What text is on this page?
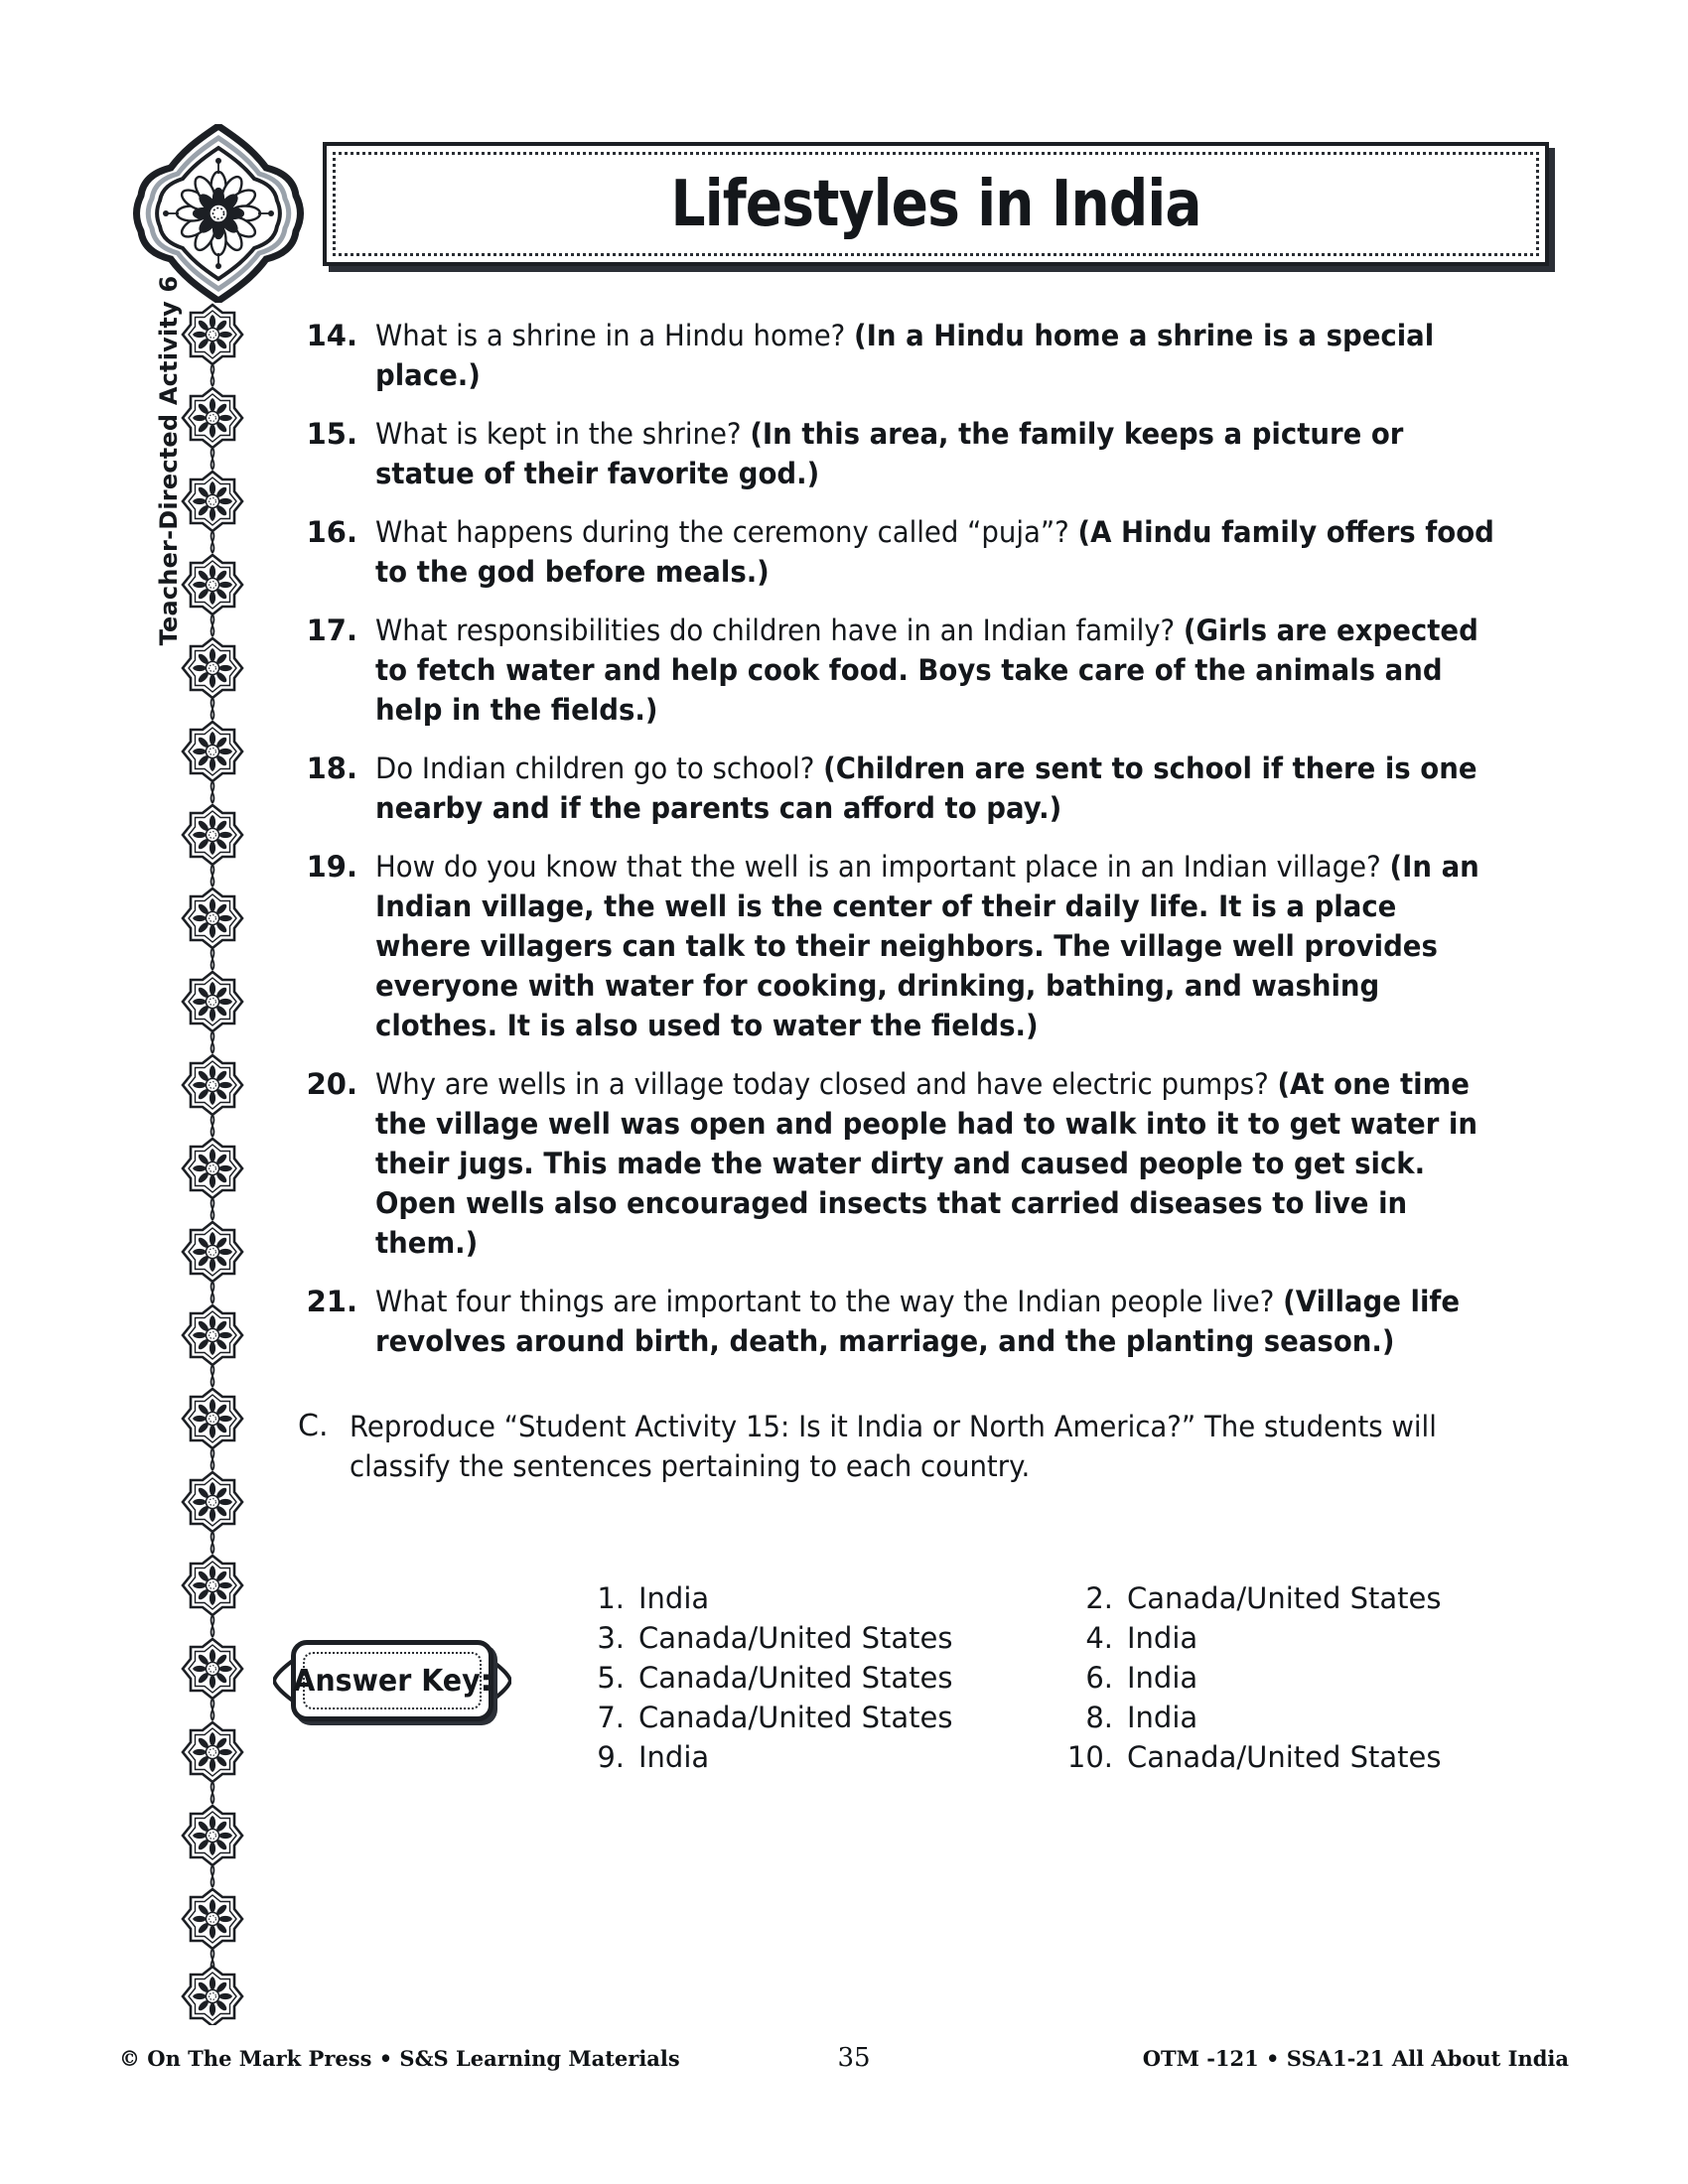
Lifestyles in India
Teacher-Directed Activity 6	14. What is a shrine in a Hindu home? (In a Hindu home a shrine is a special place.)
15. What is kept in the shrine? (In this area, the family keeps a picture or statue of their favorite god.)
16. What happens during the ceremony called “puja”? (A Hindu family offers food to the god before meals.)
17. What responsibilities do children have in an Indian family? (Girls are expected to fetch water and help cook food. Boys take care of the animals and help in the fields.)
18. Do Indian children go to school? (Children are sent to school if there is one nearby and if the parents can afford to pay.)
19. How do you know that the well is an important place in an Indian village? (In an Indian village, the well is the center of their daily life. It is a place where villagers can talk to their neighbors. The village well provides everyone with water for cooking, drinking, bathing, and washing clothes. It is also used to water the fields.)
20. Why are wells in a village today closed and have electric pumps? (At one time the village well was open and people had to walk into it to get water in their jugs. This made the water dirty and caused people to get sick. Open wells also encouraged insects that carried diseases to live in them.)
21. What four things are important to the way the Indian people live? (Village life revolves around birth, death, marriage, and the planting season.)
C. Reproduce “Student Activity 15: Is it India or North America?” The students will classify the sentences pertaining to each country.
Answer Key:
1. India	2. Canada/United States
3. Canada/United States	4. India
5. Canada/United States	6. India
7. Canada/United States	8. India
9. India	10. Canada/United States
© On The Mark Press • S&S Learning Materials	35	OTM -121 • SSA1-21 All About India
